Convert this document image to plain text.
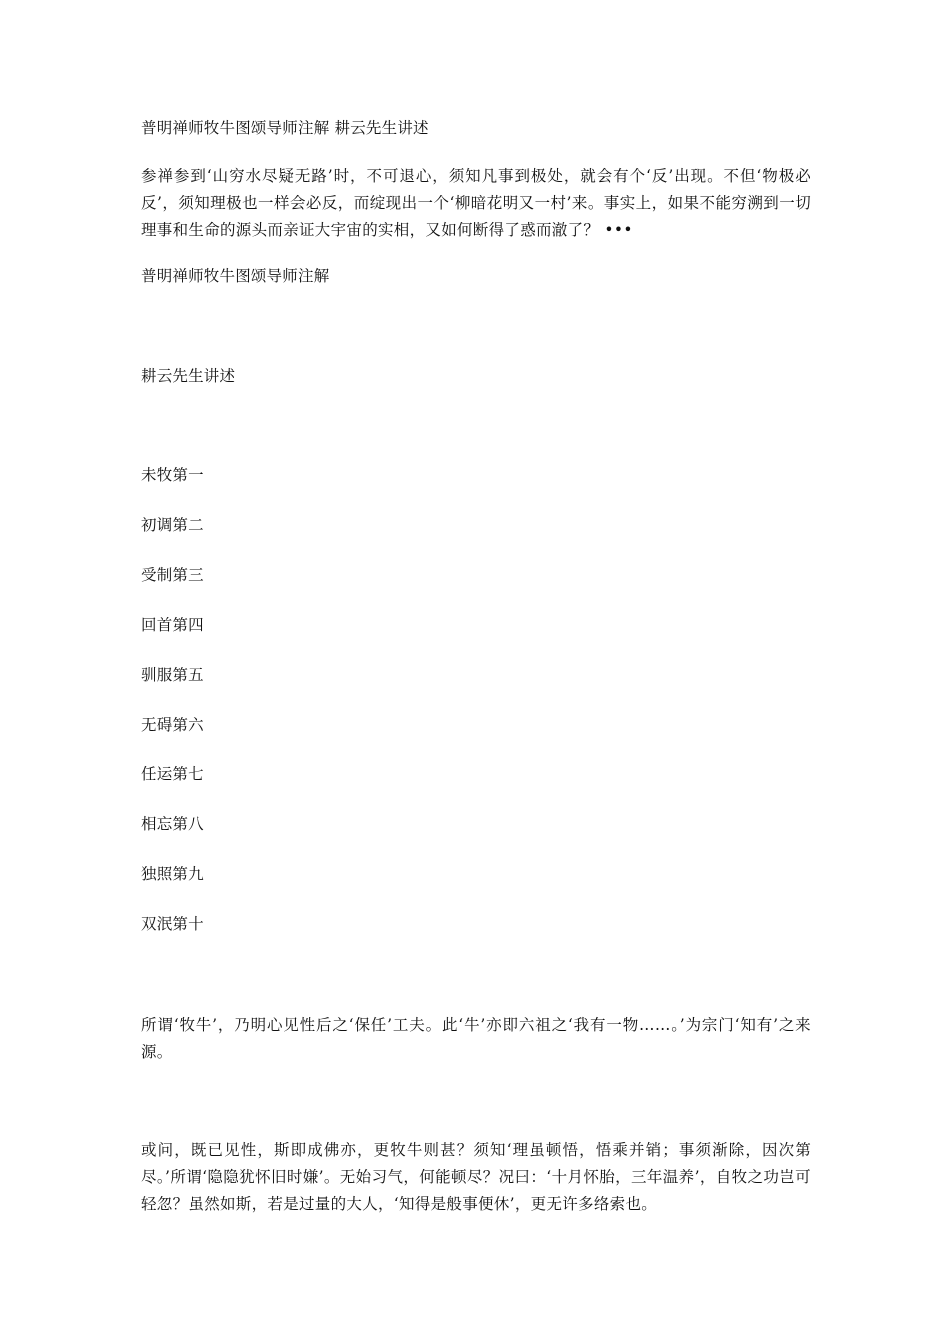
普明禅师牧牛图颂导师注解 耕云先生讲述
参禅参到‘山穷水尽疑无路’时，不可退心，须知凡事到极处，就会有个‘反’出现。不但‘物极必反’，须知理极也一样会必反，而绽现出一个‘柳暗花明又一村’来。事实上，如果不能穷溯到一切理事和生命的源头而亲证大宇宙的实相，又如何断得了惑而澈了？ •••
普明禅师牧牛图颂导师注解
耕云先生讲述
未牧第一
初调第二
受制第三
回首第四
驯服第五
无碍第六
任运第七
相忘第八
独照第九
双泯第十
所谓‘牧牛’，乃明心见性后之‘保任’工夫。此‘牛’亦即六祖之‘我有一物……。’为宗门‘知有’之来源。
或问，既已见性，斯即成佛亦，更牧牛则甚？须知‘理虽顿悟，悟乘并销；事须渐除，因次第尽。’所谓‘隐隐犹怀旧时嫌’。无始习气，何能顿尽？况曰：‘十月怀胎，三年温养’，自牧之功岂可轻忽？虽然如斯，若是过量的大人，‘知得是般事便休’，更无许多络索也。
